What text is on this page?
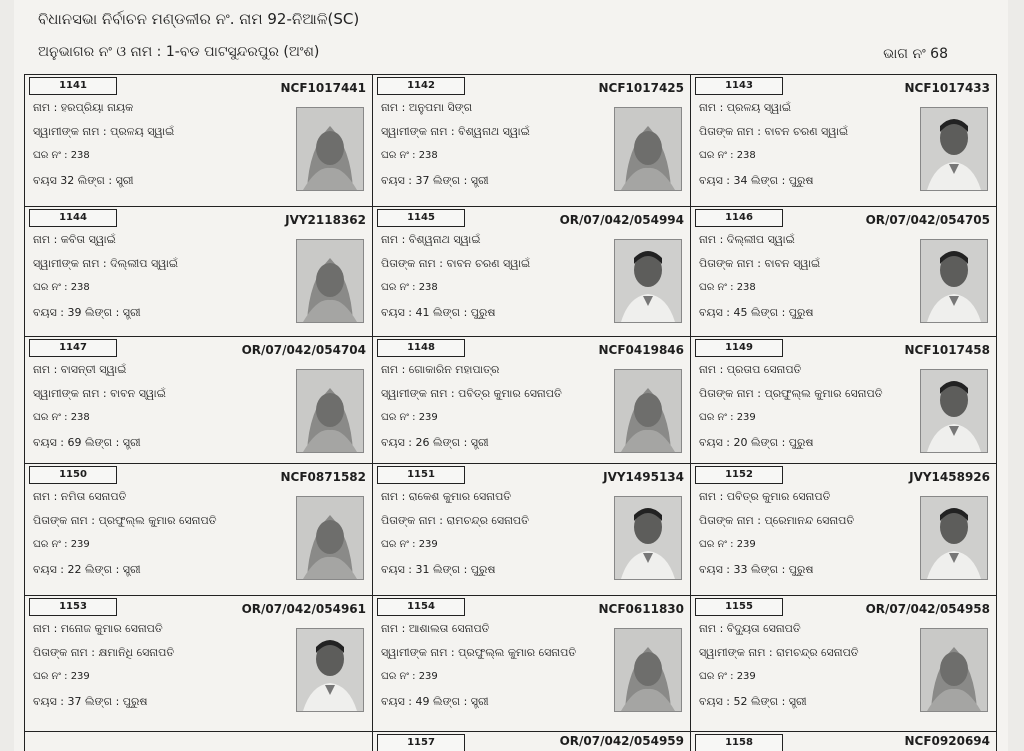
ବିଧାନସଭା ନିର୍ବାଚନ ମଣ୍ଡଳୀର ନଂ. ନାମ 92-ନିଆଳି(SC)
ଅନୁଭାଗର ନଂ ଓ ନାମ : 1-ବଡ ପାଟସୁନ୍ଦରପୁର (ଅଂଶ)	ଭାଗ ନଂ 68
1141	NCF1017441
ନାମ : ହରପ୍ରିୟା ନାୟକ
ସ୍ୱାମୀଙ୍କ ନାମ : ପ୍ରଳୟ ସ୍ୱାଇଁ
ଘର ନଂ : 238
ବୟସ 32 ଲିଙ୍ଗ : ସ୍ତ୍ରୀ
1142	NCF1017425
ନାମ : ଅନୁପମା ସିଙ୍ଗ
ସ୍ୱାମୀଙ୍କ ନାମ : ବିଶ୍ୱନାଥ ସ୍ୱାଇଁ
ଘର ନଂ : 238
ବୟସ : 37 ଲିଙ୍ଗ : ସ୍ତ୍ରୀ
1143	NCF1017433
ନାମ : ପ୍ରଳୟ ସ୍ୱାଇଁ
ପିତାଙ୍କ ନାମ : ବାବନ ଚରଣ ସ୍ୱାଇଁ
ଘର ନଂ : 238
ବୟସ : 34 ଲିଙ୍ଗ : ପୁରୁଷ
1144	JVY2118362
ନାମ : କବିତା ସ୍ୱାଇଁ
ସ୍ୱାମୀଙ୍କ ନାମ : ଦିଲ୍ଲୀପ ସ୍ୱାଇଁ
ଘର ନଂ : 238
ବୟସ : 39 ଲିଙ୍ଗ : ସ୍ତ୍ରୀ
1145	OR/07/042/054994
ନାମ : ବିଶ୍ୱନାଥ ସ୍ୱାଇଁ
ପିତାଙ୍କ ନାମ : ବାବନ ଚରଣ ସ୍ୱାଇଁ
ଘର ନଂ : 238
ବୟସ : 41 ଲିଙ୍ଗ : ପୁରୁଷ
1146	OR/07/042/054705
ନାମ : ଦିଲ୍ଲୀପ ସ୍ୱାଇଁ
ପିତାଙ୍କ ନାମ : ବାବନ ସ୍ୱାଇଁ
ଘର ନଂ : 238
ବୟସ : 45 ଲିଙ୍ଗ : ପୁରୁଷ
1147	OR/07/042/054704
ନାମ : ବାସନ୍ତୀ ସ୍ୱାଇଁ
ସ୍ୱାମୀଙ୍କ ନାମ : ବାବନ ସ୍ୱାଇଁ
ଘର ନଂ : 238
ବୟସ : 69 ଲିଙ୍ଗ : ସ୍ତ୍ରୀ
1148	NCF0419846
ନାମ : ଗୋକାରିନ ମହାପାତ୍ର
ସ୍ୱାମୀଙ୍କ ନାମ : ପବିତ୍ର କୁମାର ସେନାପତି
ଘର ନଂ : 239
ବୟସ : 26 ଲିଙ୍ଗ : ସ୍ତ୍ରୀ
1149	NCF1017458
ନାମ : ପ୍ରତାପ ସେନାପତି
ପିତାଙ୍କ ନାମ : ପ୍ରଫୁଲ୍ଲ କୁମାର ସେନାପତି
ଘର ନଂ : 239
ବୟସ : 20 ଲିଙ୍ଗ : ପୁରୁଷ
1150	NCF0871582
ନାମ : ନମିତା ସେନାପତି
ପିତାଙ୍କ ନାମ : ପ୍ରଫୁଲ୍ଲ କୁମାର ସେନାପତି
ଘର ନଂ : 239
ବୟସ : 22 ଲିଙ୍ଗ : ସ୍ତ୍ରୀ
1151	JVY1495134
ନାମ : ରାକେଶ କୁମାର ସେନାପତି
ପିତାଙ୍କ ନାମ : ରାମଚନ୍ଦ୍ର ସେନାପତି
ଘର ନଂ : 239
ବୟସ : 31 ଲିଙ୍ଗ : ପୁରୁଷ
1152	JVY1458926
ନାମ : ପବିତ୍ର କୁମାର ସେନାପତି
ପିତାଙ୍କ ନାମ : ପ୍ରେମାନନ୍ଦ ସେନାପତି
ଘର ନଂ : 239
ବୟସ : 33 ଲିଙ୍ଗ : ପୁରୁଷ
1153	OR/07/042/054961
ନାମ : ମନୋଜ କୁମାର ସେନାପତି
ପିତାଙ୍କ ନାମ : କ୍ଷମାନିଧି ସେନାପତି
ଘର ନଂ : 239
ବୟସ : 37 ଲିଙ୍ଗ : ପୁରୁଷ
1154	NCF0611830
ନାମ : ଆଶାଲତା ସେନାପତି
ସ୍ୱାମୀଙ୍କ ନାମ : ପ୍ରଫୁଲ୍ଲ କୁମାର ସେନାପତି
ଘର ନଂ : 239
ବୟସ : 49 ଲିଙ୍ଗ : ସ୍ତ୍ରୀ
1155	OR/07/042/054958
ନାମ : ବିଦ୍ୟୁତା ସେନାପତି
ସ୍ୱାମୀଙ୍କ ନାମ : ରାମଚନ୍ଦ୍ର ସେନାପତି
ଘର ନଂ : 239
ବୟସ : 52 ଲିଙ୍ଗ : ସ୍ତ୍ରୀ
1157	OR/07/042/054959	1158	NCF0920694
